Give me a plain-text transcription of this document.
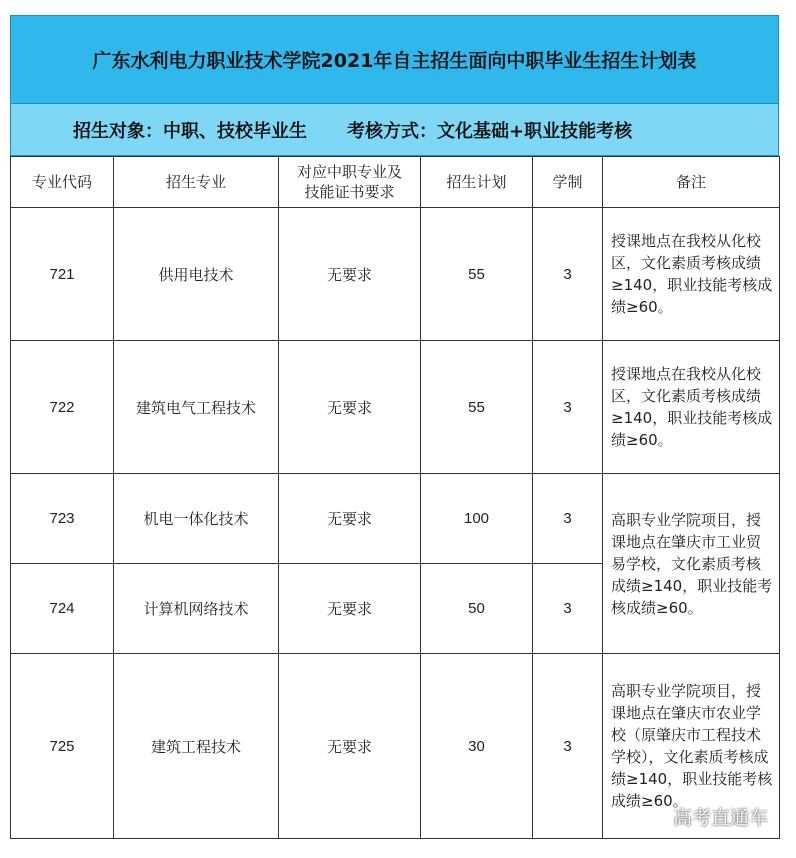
广东水利电力职业技术学院2021年自主招生面向中职毕业生招生计划表
招生对象：中职、技校毕业生 考核方式：文化基础+职业技能考核
专业代码	招生专业	对应中职专业及技能证书要求	招生计划	学制	备注
721	供用电技术	无要求	55	3	授课地点在我校从化校区，文化素质考核成绩≥140，职业技能考核成绩≥60。
722	建筑电气工程技术	无要求	55	3	授课地点在我校从化校区，文化素质考核成绩≥140，职业技能考核成绩≥60。
723	机电一体化技术	无要求	100	3	高职专业学院项目，授课地点在肇庆市工业贸易学校，文化素质考核成绩≥140，职业技能考核成绩≥60。
724	计算机网络技术	无要求	50	3	
725	建筑工程技术	无要求	30	3	高职专业学院项目，授课地点在肇庆市农业学校（原肇庆市工程技术学校），文化素质考核成绩≥140，职业技能考核成绩≥60。
高考直通车
